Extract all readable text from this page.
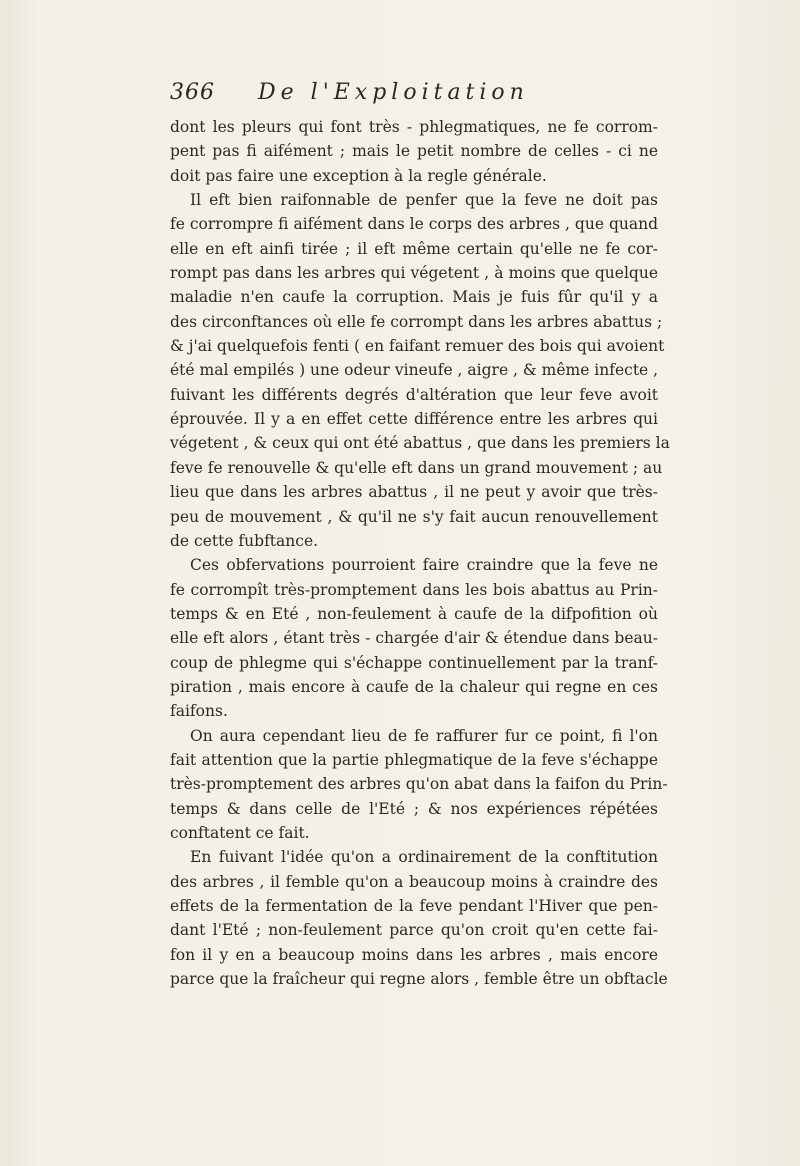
366 De l'Exploitation
dont les pleurs qui font très - phlegmatiques, ne fe corrom-
pent pas fi aifément ; mais le petit nombre de celles - ci ne
doit pas faire une exception à la regle générale.
Il eft bien raifonnable de penfer que la feve ne doit pas
fe corrompre fi aifément dans le corps des arbres , que quand
elle en eft ainfi tirée ; il eft même certain qu'elle ne fe cor-
rompt pas dans les arbres qui végetent , à moins que quelque
maladie n'en caufe la corruption. Mais je fuis fûr qu'il y a
des circonftances où elle fe corrompt dans les arbres abattus ;
& j'ai quelquefois fenti ( en faifant remuer des bois qui avoient
été mal empilés ) une odeur vineufe , aigre , & même infecte ,
fuivant les différents degrés d'altération que leur feve avoit
éprouvée. Il y a en effet cette différence entre les arbres qui
végetent , & ceux qui ont été abattus , que dans les premiers la
feve fe renouvelle & qu'elle eft dans un grand mouvement ; au
lieu que dans les arbres abattus , il ne peut y avoir que très-
peu de mouvement , & qu'il ne s'y fait aucun renouvellement
de cette fubftance.
Ces obfervations pourroient faire craindre que la feve ne
fe corrompît très-promptement dans les bois abattus au Prin-
temps & en Eté , non-feulement à caufe de la difpofition où
elle eft alors , étant très - chargée d'air & étendue dans beau-
coup de phlegme qui s'échappe continuellement par la tranf-
piration , mais encore à caufe de la chaleur qui regne en ces
faifons.
On aura cependant lieu de fe raffurer fur ce point, fi l'on
fait attention que la partie phlegmatique de la feve s'échappe
très-promptement des arbres qu'on abat dans la faifon du Prin-
temps & dans celle de l'Eté ; & nos expériences répétées
conftatent ce fait.
En fuivant l'idée qu'on a ordinairement de la conftitution
des arbres , il femble qu'on a beaucoup moins à craindre des
effets de la fermentation de la feve pendant l'Hiver que pen-
dant l'Eté ; non-feulement parce qu'on croit qu'en cette fai-
fon il y en a beaucoup moins dans les arbres , mais encore
parce que la fraîcheur qui regne alors , femble être un obftacle
